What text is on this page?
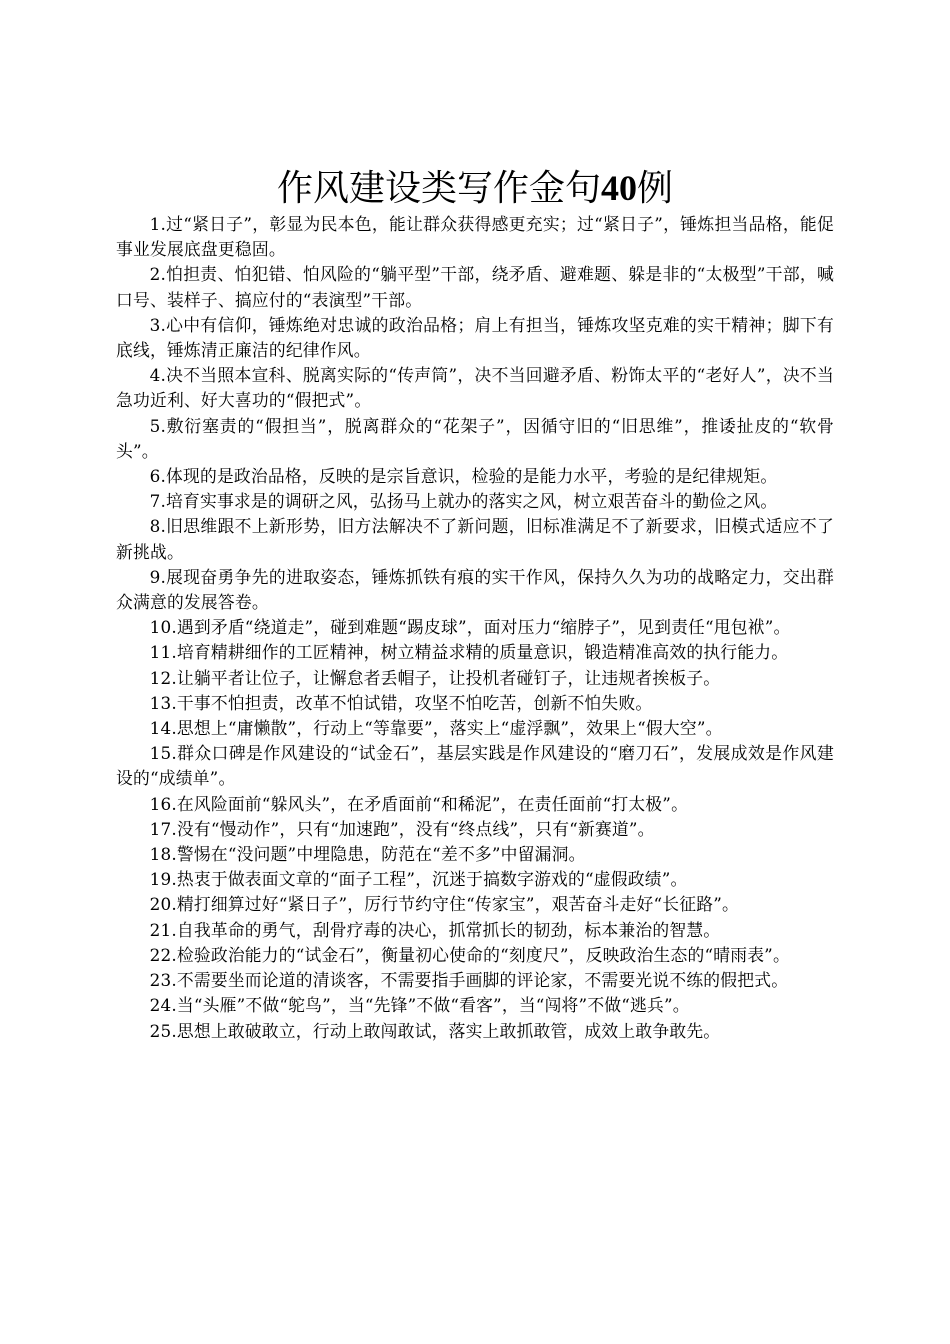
作风建设类写作金句40例

1.过“紧日子”，彰显为民本色，能让群众获得感更充实；过“紧日子”，锤炼担当品格，能促事业发展底盘更稳固。

2.怕担责、怕犯错、怕风险的“躺平型”干部，绕矛盾、避难题、躲是非的“太极型”干部，喊口号、装样子、搞应付的“表演型”干部。

3.心中有信仰，锤炼绝对忠诚的政治品格；肩上有担当，锤炼攻坚克难的实干精神；脚下有底线，锤炼清正廉洁的纪律作风。

4.决不当照本宣科、脱离实际的“传声筒”，决不当回避矛盾、粉饰太平的“老好人”，决不当急功近利、好大喜功的“假把式”。

5.敷衍塞责的“假担当”，脱离群众的“花架子”，因循守旧的“旧思维”，推诿扯皮的“软骨头”。

6.体现的是政治品格，反映的是宗旨意识，检验的是能力水平，考验的是纪律规矩。

7.培育实事求是的调研之风，弘扬马上就办的落实之风，树立艰苦奋斗的勤俭之风。

8.旧思维跟不上新形势，旧方法解决不了新问题，旧标准满足不了新要求，旧模式适应不了新挑战。

9.展现奋勇争先的进取姿态，锤炼抓铁有痕的实干作风，保持久久为功的战略定力，交出群众满意的发展答卷。

10.遇到矛盾“绕道走”，碰到难题“踢皮球”，面对压力“缩脖子”，见到责任“甩包袱”。

11.培育精耕细作的工匠精神，树立精益求精的质量意识，锻造精准高效的执行能力。

12.让躺平者让位子，让懈怠者丢帽子，让投机者碰钉子，让违规者挨板子。

13.干事不怕担责，改革不怕试错，攻坚不怕吃苦，创新不怕失败。

14.思想上“庸懒散”，行动上“等靠要”，落实上“虚浮飘”，效果上“假大空”。

15.群众口碑是作风建设的“试金石”，基层实践是作风建设的“磨刀石”，发展成效是作风建设的“成绩单”。

16.在风险面前“躲风头”，在矛盾面前“和稀泥”，在责任面前“打太极”。

17.没有“慢动作”，只有“加速跑”，没有“终点线”，只有“新赛道”。

18.警惕在“没问题”中埋隐患，防范在“差不多”中留漏洞。

19.热衷于做表面文章的“面子工程”，沉迷于搞数字游戏的“虚假政绩”。

20.精打细算过好“紧日子”，厉行节约守住“传家宝”，艰苦奋斗走好“长征路”。

21.自我革命的勇气，刮骨疗毒的决心，抓常抓长的韧劲，标本兼治的智慧。

22.检验政治能力的“试金石”，衡量初心使命的“刻度尺”，反映政治生态的“晴雨表”。

23.不需要坐而论道的清谈客，不需要指手画脚的评论家，不需要光说不练的假把式。

24.当“头雁”不做“鸵鸟”，当“先锋”不做“看客”，当“闯将”不做“逃兵”。

25.思想上敢破敢立，行动上敢闯敢试，落实上敢抓敢管，成效上敢争敢先。
